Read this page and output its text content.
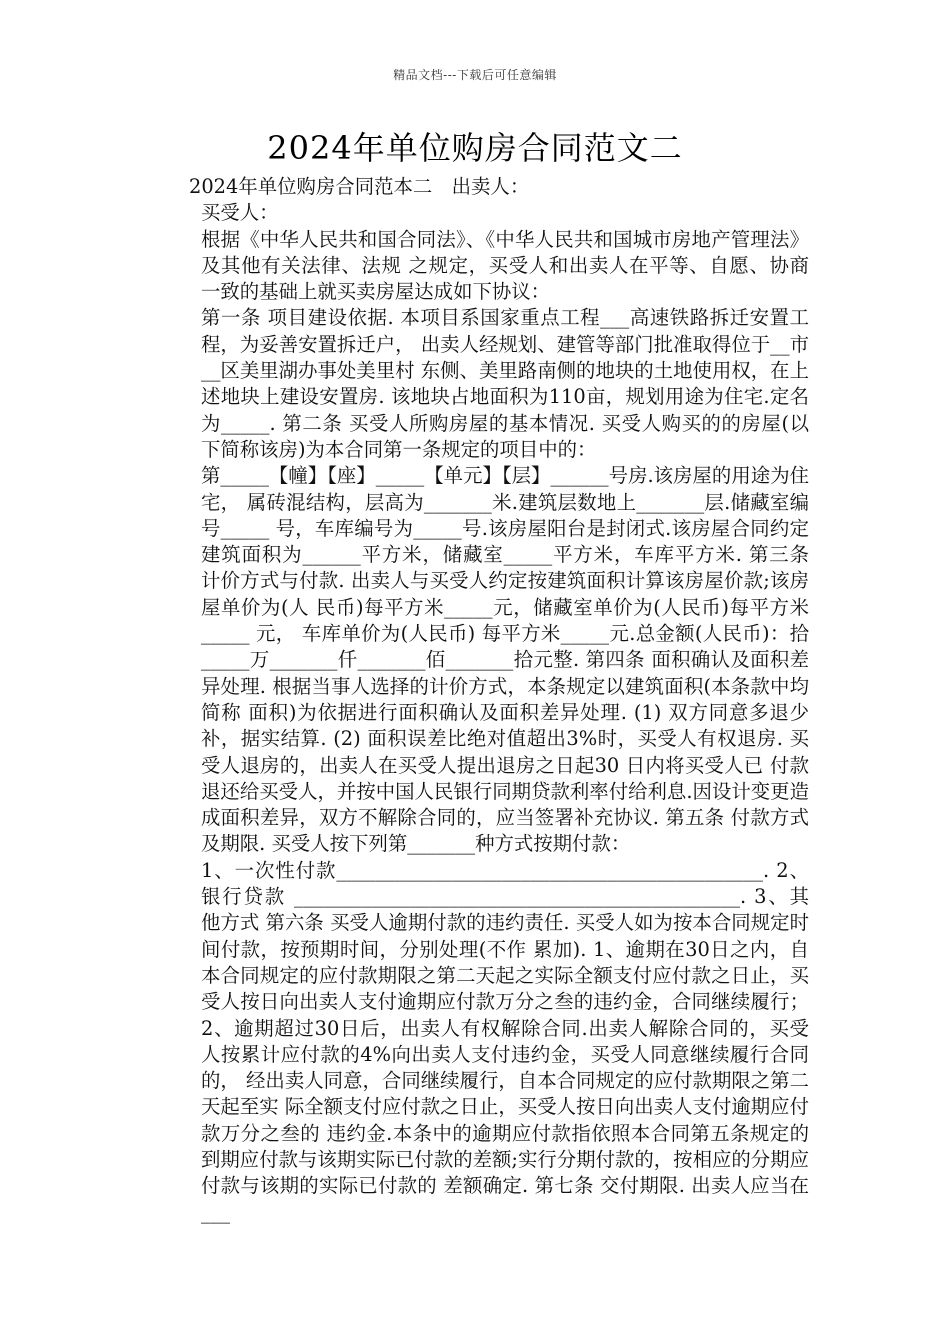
精品文档---下载后可任意编辑
2024年单位购房合同范文二

2024年单位购房合同范本二　出卖人：

买受人：

根据《中华人民共和国合同法》、《中华人民共和国城市房地产管理法》及其他有关法律、法规 之规定，买受人和出卖人在平等、自愿、协商 一致的基础上就买卖房屋达成如下协议：

第一条 项目建设依据. 本项目系国家重点工程___高速铁路拆迁安置工程，为妥善安置拆迁户， 出卖人经规划、建管等部门批准取得位于__市__区美里湖办事处美里村 东侧、美里路南侧的地块的土地使用权，在上述地块上建设安置房. 该地块占地面积为110亩，规划用途为住宅.定名为_____. 第二条 买受人所购房屋的基本情况. 买受人购买的的房屋(以下简称该房)为本合同第一条规定的项目中的：

第_____【幢】【座】_____【单元】【层】______号房.该房屋的用途为住宅， 属砖混结构，层高为_______米.建筑层数地上_______层.储藏室编号_____ 号，车库编号为_____号.该房屋阳台是封闭式.该房屋合同约定建筑面积为______平方米，储藏室_____平方米，车库平方米. 第三条 计价方式与付款. 出卖人与买受人约定按建筑面积计算该房屋价款;该房屋单价为(人 民币)每平方米_____元，储藏室单价为(人民币)每平方米 _____ 元， 车库单价为(人民币) 每平方米_____元.总金额(人民币)：拾_____万_______仟_______佰_______拾元整. 第四条 面积确认及面积差异处理. 根据当事人选择的计价方式，本条规定以建筑面积(本条款中均简称 面积)为依据进行面积确认及面积差异处理. (1) 双方同意多退少补，据实结算. (2) 面积误差比绝对值超出3%时，买受人有权退房. 买受人退房的，出卖人在买受人提出退房之日起30 日内将买受人已 付款退还给买受人，并按中国人民银行同期贷款利率付给利息.因设计变更造成面积差异，双方不解除合同的，应当签署补充协议. 第五条 付款方式及期限. 买受人按下列第_______种方式按期付款：

1、一次性付款____________________________________________. 2、银行贷款 ______________________________________________. 3、其他方式 第六条 买受人逾期付款的违约责任. 买受人如为按本合同规定时间付款，按预期时间，分别处理(不作 累加). 1、逾期在30日之内，自本合同规定的应付款期限之第二天起之实际全额支付应付款之日止，买受人按日向出卖人支付逾期应付款万分之叁的违约金，合同继续履行； 2、逾期超过30日后，出卖人有权解除合同.出卖人解除合同的，买受 人按累计应付款的4%向出卖人支付违约金，买受人同意继续履行合同的， 经出卖人同意，合同继续履行，自本合同规定的应付款期限之第二天起至实 际全额支付应付款之日止，买受人按日向出卖人支付逾期应付款万分之叁的 违约金.本条中的逾期应付款指依照本合同第五条规定的到期应付款与该期实际已付款的差额;实行分期付款的，按相应的分期应付款与该期的实际已付款的 差额确定. 第七条 交付期限. 出卖人应当在___
